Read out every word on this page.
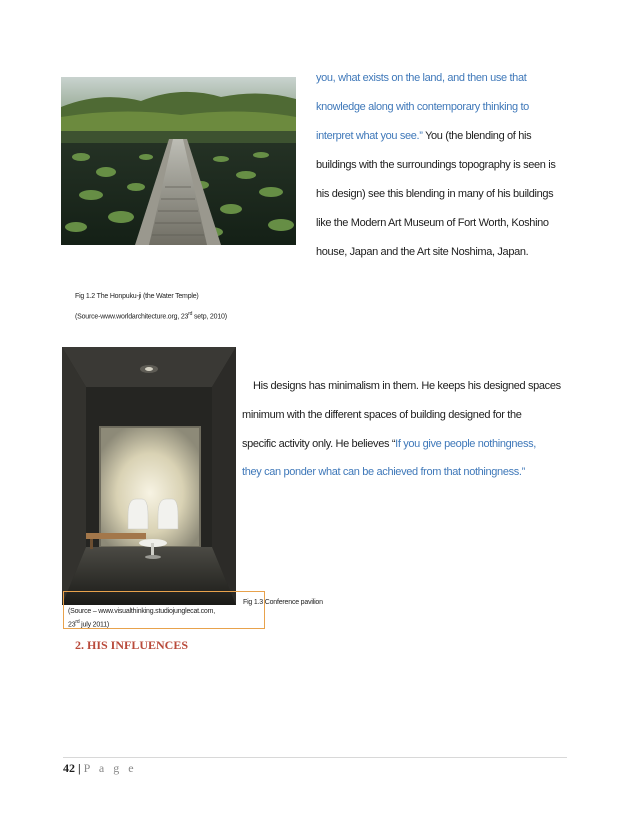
you, what exists on the land, and then use that
knowledge along with contemporary thinking to
interpret what you see.” You (the blending of his
buildings with the surroundings topography is seen is
his design) see this blending in many of his buildings
like the Modern Art Museum of Fort Worth, Koshino
house, Japan and the Art site Noshima, Japan.
Fig 1.2 The Honpuku-ji (the Water Temple)
(Source-www.worldarchitecture.org, 23rd setp, 2010)
His designs has minimalism in them. He keeps his designed spaces
minimum with the different spaces of building designed for the
specific activity only. He believes “If you give people nothingness,
they can ponder what can be achieved from that nothingness.”
Fig 1.3 Conference pavilion
(Source – www.visualthinking.studiojunglecat.com,
23rd july 2011)
2. HIS INFLUENCES
42 | P a g e
